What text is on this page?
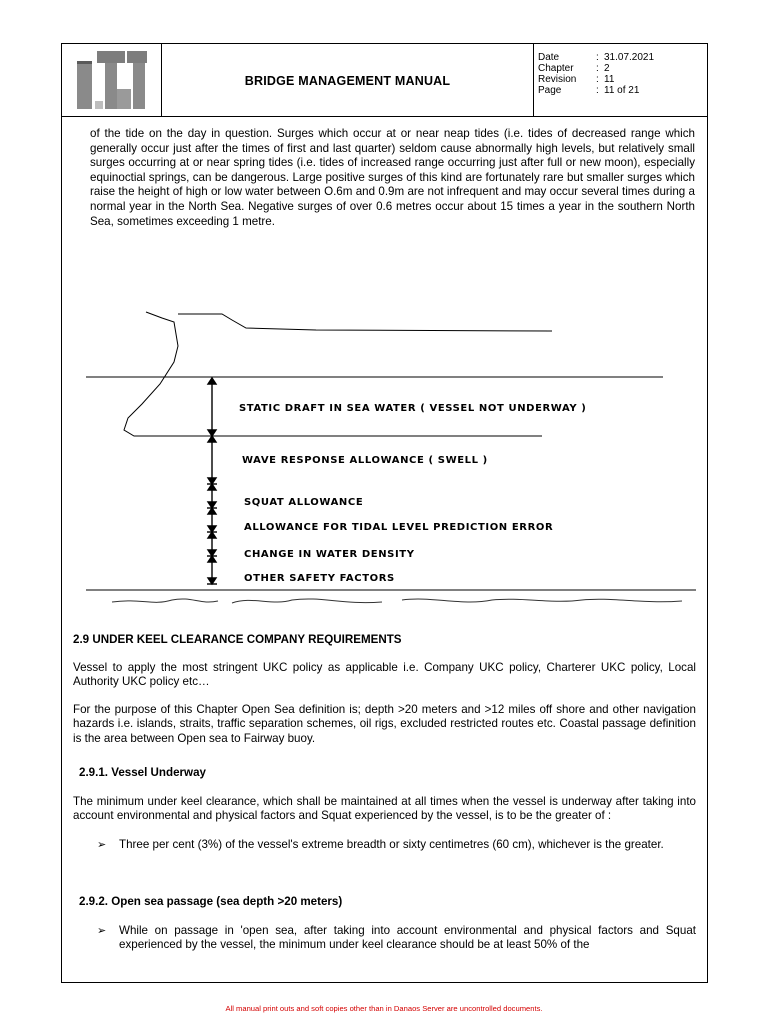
BRIDGE MANAGEMENT MANUAL
Date	: 31.07.2021
Chapter	: 2
Revision	: 11
Page	: 11 of 21
of the tide on the day in question. Surges which occur at or near neap tides (i.e. tides of decreased range which generally occur just after the times of first and last quarter) seldom cause abnormally high levels, but relatively small surges occurring at or near spring tides (i.e. tides of increased range occurring just after full or new moon), especially equinoctial springs, can be dangerous. Large positive surges of this kind are fortunately rare but smaller surges which raise the height of high or low water between O.6m and 0.9m are not infrequent and may occur several times during a normal year in the North Sea. Negative surges of over 0.6 metres occur about 15 times a year in the southern North Sea, sometimes exceeding 1 metre.
STATIC DRAFT IN SEA WATER ( VESSEL NOT UNDERWAY )
WAVE RESPONSE ALLOWANCE ( SWELL )
SQUAT ALLOWANCE
ALLOWANCE FOR TIDAL LEVEL PREDICTION ERROR
CHANGE IN WATER DENSITY
OTHER SAFETY FACTORS
2.9 UNDER KEEL CLEARANCE COMPANY REQUIREMENTS
Vessel to apply the most stringent UKC policy as applicable i.e. Company UKC policy, Charterer UKC policy, Local Authority UKC policy etc…
For the purpose of this Chapter Open Sea definition is; depth >20 meters and >12 miles off shore and other navigation hazards i.e. islands, straits, traffic separation schemes, oil rigs, excluded restricted routes etc. Coastal passage definition is the area between Open sea to Fairway buoy.
2.9.1. Vessel Underway
The minimum under keel clearance, which shall be maintained at all times when the vessel is underway after taking into account environmental and physical factors and Squat experienced by the vessel, is to be the greater of :
➢	Three per cent (3%) of the vessel's extreme breadth or sixty centimetres (60 cm), whichever is the greater.
2.9.2. Open sea passage (sea depth >20 meters)
➢	While on passage in 'open sea, after taking into account environmental and physical factors and Squat experienced by the vessel, the minimum under keel clearance should be at least 50% of the
All manual print outs and soft copies other than in Danaos Server are uncontrolled documents.
